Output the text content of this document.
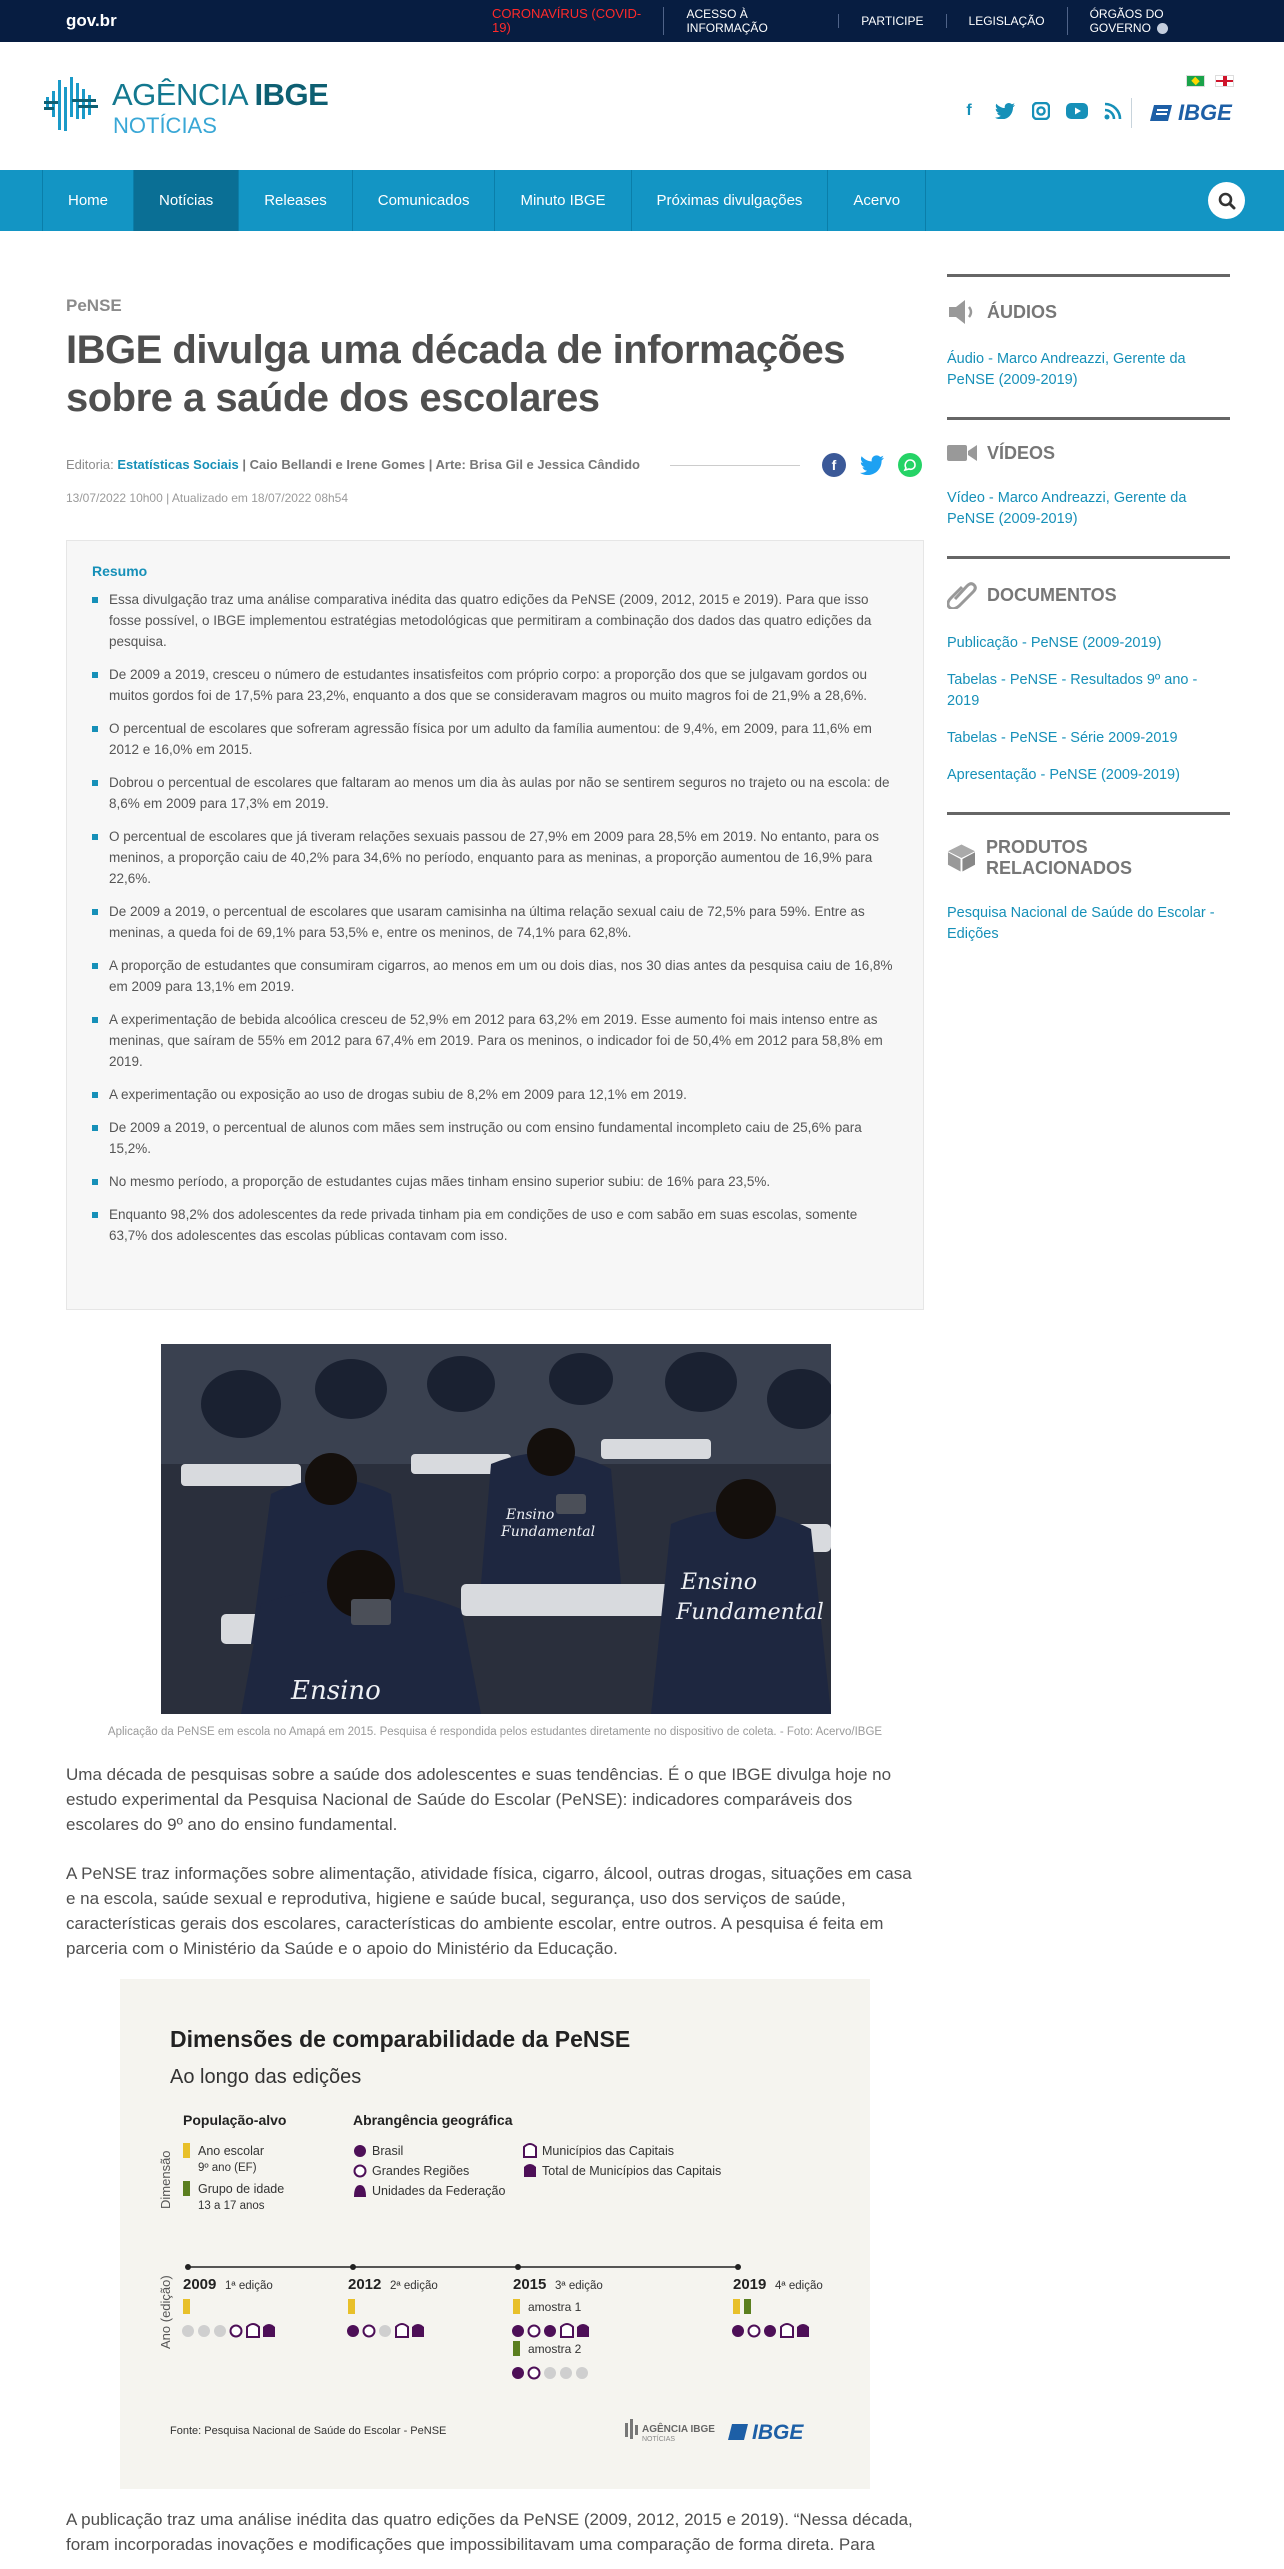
gov.br	CORONAVÍRUS (COVID-19)
ACESSO À INFORMAÇÃO	PARTICIPE	LEGISLAÇÃO	ÓRGÃOS DO GOVERNO
AGÊNCIA IBGE
NOTÍCIAS
f	IBGE
Home	Notícias	Releases	Comunicados	Minuto IBGE	Próximas divulgações	Acervo
PeNSE
IBGE divulga uma década de informações sobre a saúde dos escolares
Editoria: Estatísticas Sociais | Caio Bellandi e Irene Gomes | Arte: Brisa Gil e Jessica Cândido	f
13/07/2022 10h00 | Atualizado em 18/07/2022 08h54
Resumo
Essa divulgação traz uma análise comparativa inédita das quatro edições da PeNSE (2009, 2012, 2015 e 2019). Para que isso fosse possível, o IBGE implementou estratégias metodológicas que permitiram a combinação dos dados das quatro edições da pesquisa.
De 2009 a 2019, cresceu o número de estudantes insatisfeitos com próprio corpo: a proporção dos que se julgavam gordos ou muitos gordos foi de 17,5% para 23,2%, enquanto a dos que se consideravam magros ou muito magros foi de 21,9% a 28,6%.
O percentual de escolares que sofreram agressão física por um adulto da família aumentou: de 9,4%, em 2009, para 11,6% em 2012 e 16,0% em 2015.
Dobrou o percentual de escolares que faltaram ao menos um dia às aulas por não se sentirem seguros no trajeto ou na escola: de 8,6% em 2009 para 17,3% em 2019.
O percentual de escolares que já tiveram relações sexuais passou de 27,9% em 2009 para 28,5% em 2019. No entanto, para os meninos, a proporção caiu de 40,2% para 34,6% no período, enquanto para as meninas, a proporção aumentou de 16,9% para 22,6%.
De 2009 a 2019, o percentual de escolares que usaram camisinha na última relação sexual caiu de 72,5% para 59%. Entre as meninas, a queda foi de 69,1% para 53,5% e, entre os meninos, de 74,1% para 62,8%.
A proporção de estudantes que consumiram cigarros, ao menos em um ou dois dias, nos 30 dias antes da pesquisa caiu de 16,8% em 2009 para 13,1% em 2019.
A experimentação de bebida alcoólica cresceu de 52,9% em 2012 para 63,2% em 2019. Esse aumento foi mais intenso entre as meninas, que saíram de 55% em 2012 para 67,4% em 2019. Para os meninos, o indicador foi de 50,4% em 2012 para 58,8% em 2019.
A experimentação ou exposição ao uso de drogas subiu de 8,2% em 2009 para 12,1% em 2019.
De 2009 a 2019, o percentual de alunos com mães sem instrução ou com ensino fundamental incompleto caiu de 25,6% para 15,2%.
No mesmo período, a proporção de estudantes cujas mães tinham ensino superior subiu: de 16% para 23,5%.
Enquanto 98,2% dos adolescentes da rede privada tinham pia em condições de uso e com sabão em suas escolas, somente 63,7% dos adolescentes das escolas públicas contavam com isso.
Ensino
Ensino
Fundamental
Ensino
Fundamental
Aplicação da PeNSE em escola no Amapá em 2015. Pesquisa é respondida pelos estudantes diretamente no dispositivo de coleta. - Foto: Acervo/IBGE

Uma década de pesquisas sobre a saúde dos adolescentes e suas tendências. É o que IBGE divulga hoje no estudo experimental da Pesquisa Nacional de Saúde do Escolar (PeNSE): indicadores comparáveis dos escolares do 9º ano do ensino fundamental.

A PeNSE traz informações sobre alimentação, atividade física, cigarro, álcool, outras drogas, situações em casa e na escola, saúde sexual e reprodutiva, higiene e saúde bucal, segurança, uso dos serviços de saúde, características gerais dos escolares, características do ambiente escolar, entre outros. A pesquisa é feita em parceria com o Ministério da Saúde e o apoio do Ministério da Educação.

Dimensões de comparabilidade da PeNSE
Ao longo das edições
Dimensão
Ano (edição)
População-alvo
Ano escolar
9º ano (EF)
Grupo de idade
13 a 17 anos
Abrangência geográfica
Brasil
Grandes Regiões
Unidades da Federação
Municípios das Capitais
Total de Municípios das Capitais
2009 1ª edição	2012 2ª edição	2015 3ª edição	2019 4ª edição
amostra 1
amostra 2
Fonte: Pesquisa Nacional de Saúde do Escolar - PeNSE	AGÊNCIA IBGE
NOTÍCIAS	IBGE

A publicação traz uma análise inédita das quatro edições da PeNSE (2009, 2012, 2015 e 2019). “Nessa década, foram incorporadas inovações e modificações que impossibilitavam uma comparação de forma direta. Para

ÁUDIOS
Áudio - Marco Andreazzi, Gerente da PeNSE (2009-2019)
VÍDEOS
Vídeo - Marco Andreazzi, Gerente da PeNSE (2009-2019)
DOCUMENTOS
Publicação - PeNSE (2009-2019)
Tabelas - PeNSE - Resultados 9º ano - 2019
Tabelas - PeNSE - Série 2009-2019
Apresentação - PeNSE (2009-2019)
PRODUTOS RELACIONADOS
Pesquisa Nacional de Saúde do Escolar - Edições
